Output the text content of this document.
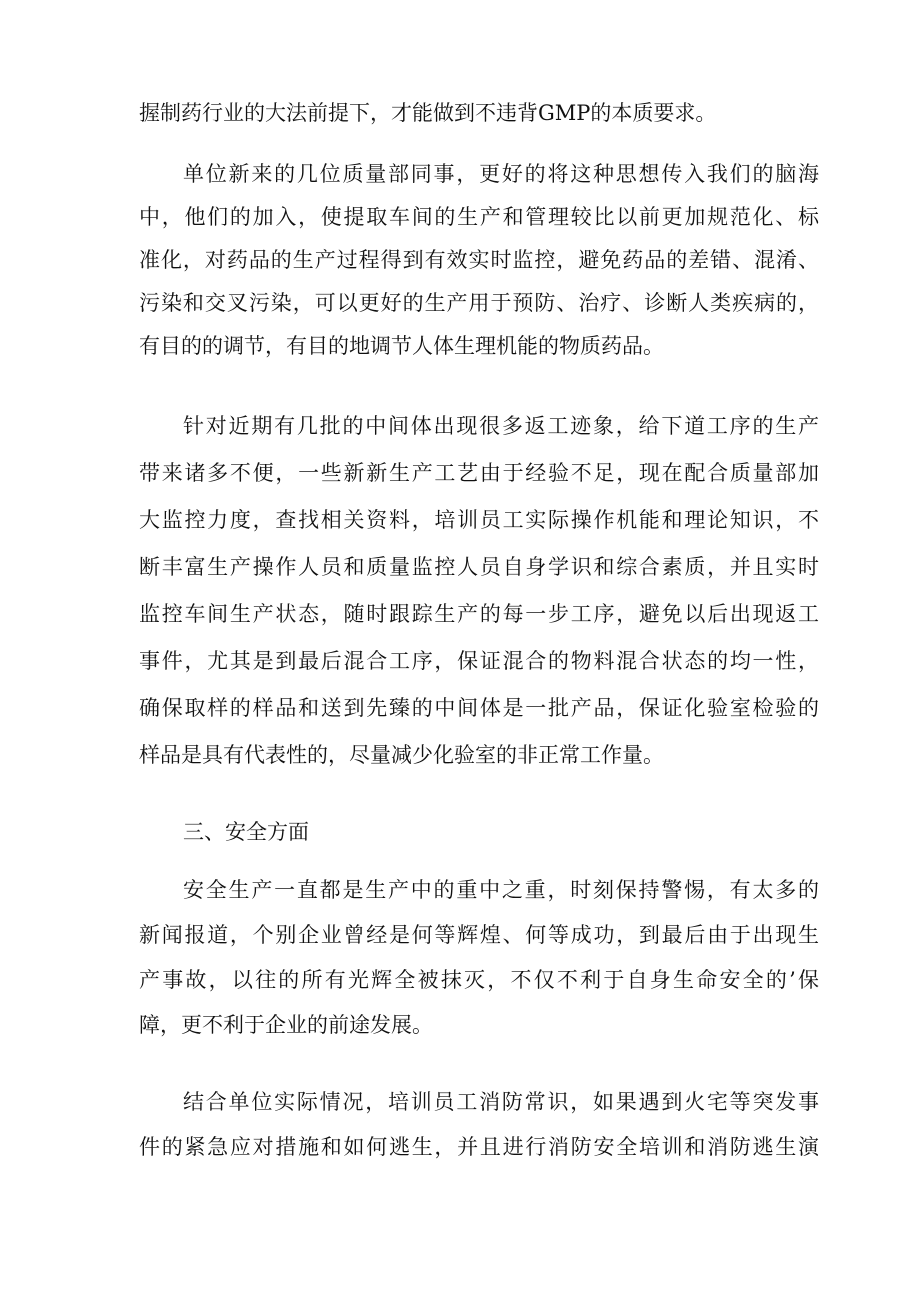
握制药行业的大法前提下，才能做到不违背GMP的本质要求。
单位新来的几位质量部同事，更好的将这种思想传入我们的脑海
中，他们的加入，使提取车间的生产和管理较比以前更加规范化、标
准化，对药品的生产过程得到有效实时监控，避免药品的差错、混淆、
污染和交叉污染，可以更好的生产用于预防、治疗、诊断人类疾病的，
有目的的调节，有目的地调节人体生理机能的物质药品。
针对近期有几批的中间体出现很多返工迹象，给下道工序的生产
带来诸多不便，一些新新生产工艺由于经验不足，现在配合质量部加
大监控力度，查找相关资料，培训员工实际操作机能和理论知识，不
断丰富生产操作人员和质量监控人员自身学识和综合素质，并且实时
监控车间生产状态，随时跟踪生产的每一步工序，避免以后出现返工
事件，尤其是到最后混合工序，保证混合的物料混合状态的均一性，
确保取样的样品和送到先臻的中间体是一批产品，保证化验室检验的
样品是具有代表性的，尽量减少化验室的非正常工作量。
三、安全方面
安全生产一直都是生产中的重中之重，时刻保持警惕，有太多的
新闻报道，个别企业曾经是何等辉煌、何等成功，到最后由于出现生
产事故，以往的所有光辉全被抹灭，不仅不利于自身生命安全的’保
障，更不利于企业的前途发展。
结合单位实际情况，培训员工消防常识，如果遇到火宅等突发事
件的紧急应对措施和如何逃生，并且进行消防安全培训和消防逃生演
